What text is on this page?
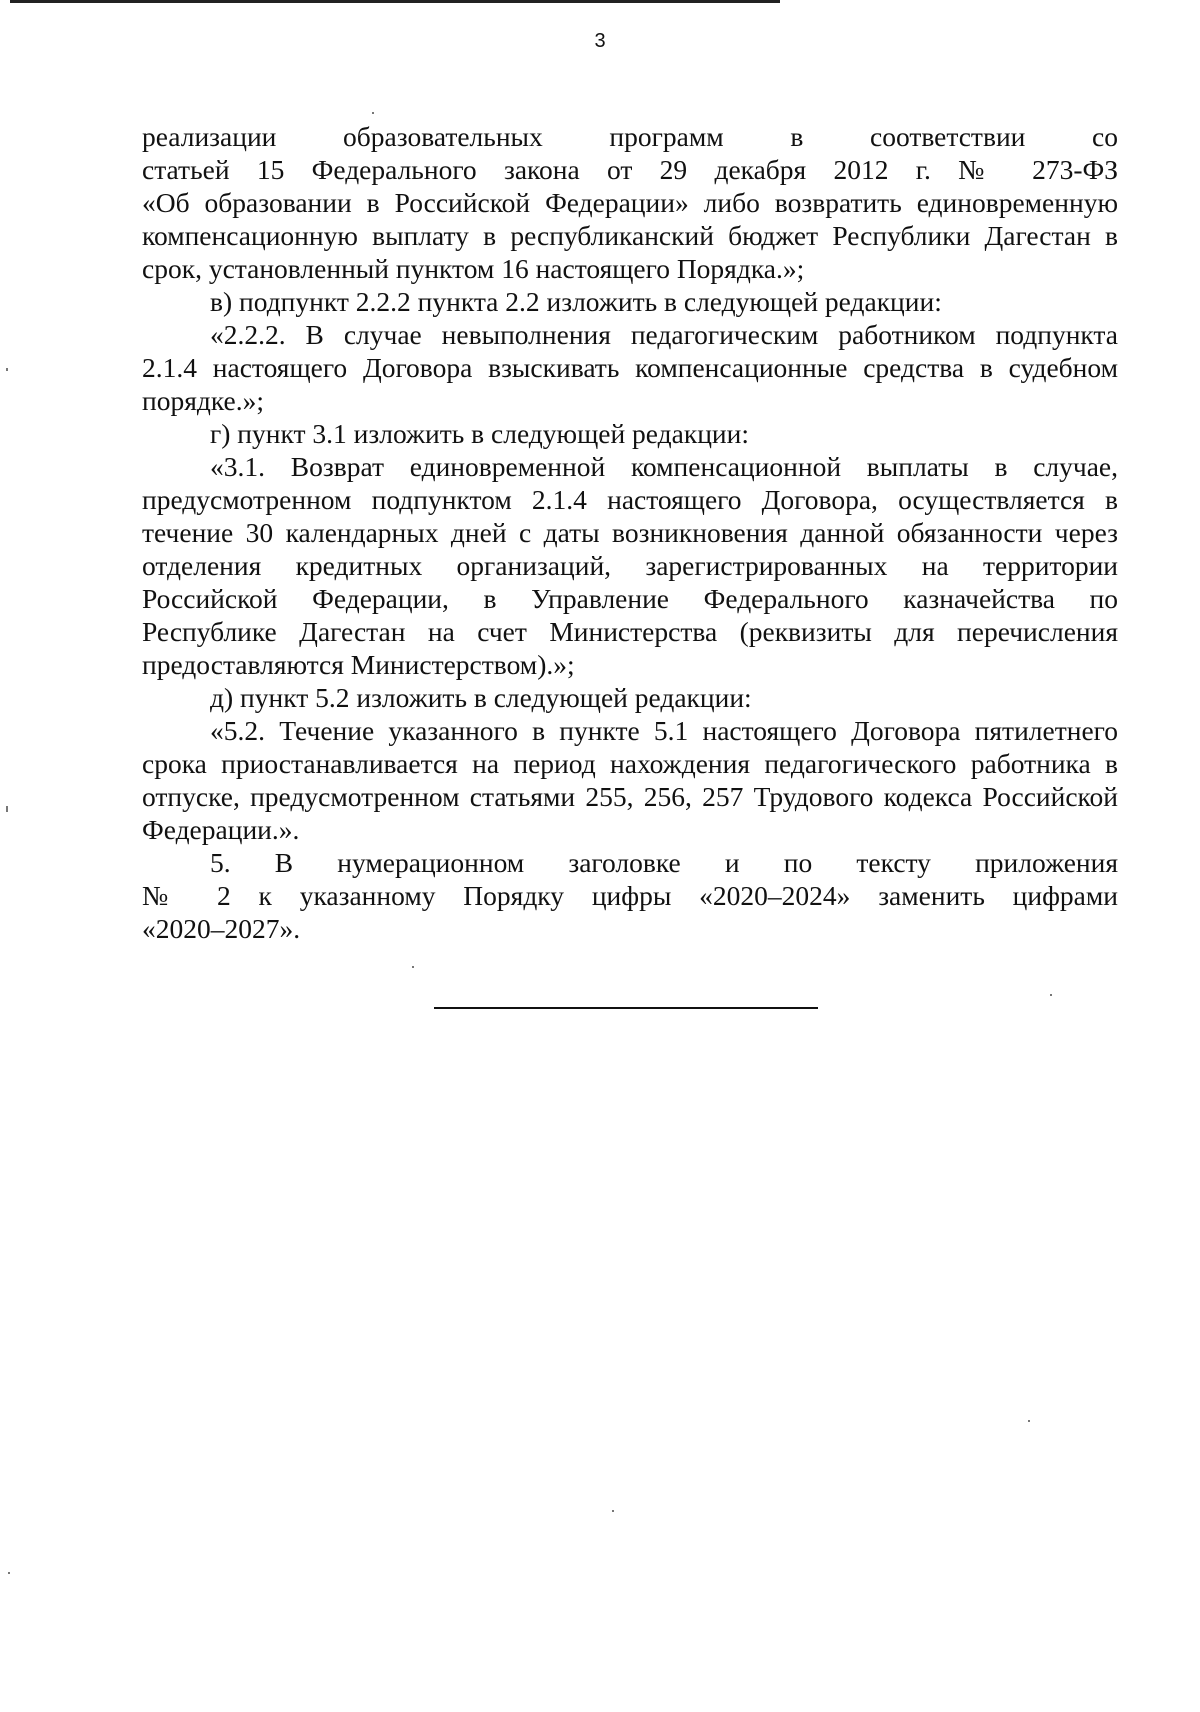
3
реализации образовательных программ в соответствии со
статьей 15 Федерального закона от 29 декабря 2012 г. № 273-ФЗ
«Об образовании в Российской Федерации» либо возвратить единовременную
компенсационную выплату в республиканский бюджет Республики Дагестан в
срок, установленный пунктом 16 настоящего Порядка.»;
в) подпункт 2.2.2 пункта 2.2 изложить в следующей редакции:
«2.2.2. В случае невыполнения педагогическим работником подпункта
2.1.4 настоящего Договора взыскивать компенсационные средства в судебном
порядке.»;
г) пункт 3.1 изложить в следующей редакции:
«3.1. Возврат единовременной компенсационной выплаты в случае,
предусмотренном подпунктом 2.1.4 настоящего Договора, осуществляется в
течение 30 календарных дней с даты возникновения данной обязанности через
отделения кредитных организаций, зарегистрированных на территории
Российской Федерации, в Управление Федерального казначейства по
Республике Дагестан на счет Министерства (реквизиты для перечисления
предоставляются Министерством).»;
д) пункт 5.2 изложить в следующей редакции:
«5.2. Течение указанного в пункте 5.1 настоящего Договора пятилетнего
срока приостанавливается на период нахождения педагогического работника в
отпуске, предусмотренном статьями 255, 256, 257 Трудового кодекса Российской
Федерации.».
5. В нумерационном заголовке и по тексту приложения
№ 2 к указанному Порядку цифры «2020–2024» заменить цифрами
«2020–2027».
